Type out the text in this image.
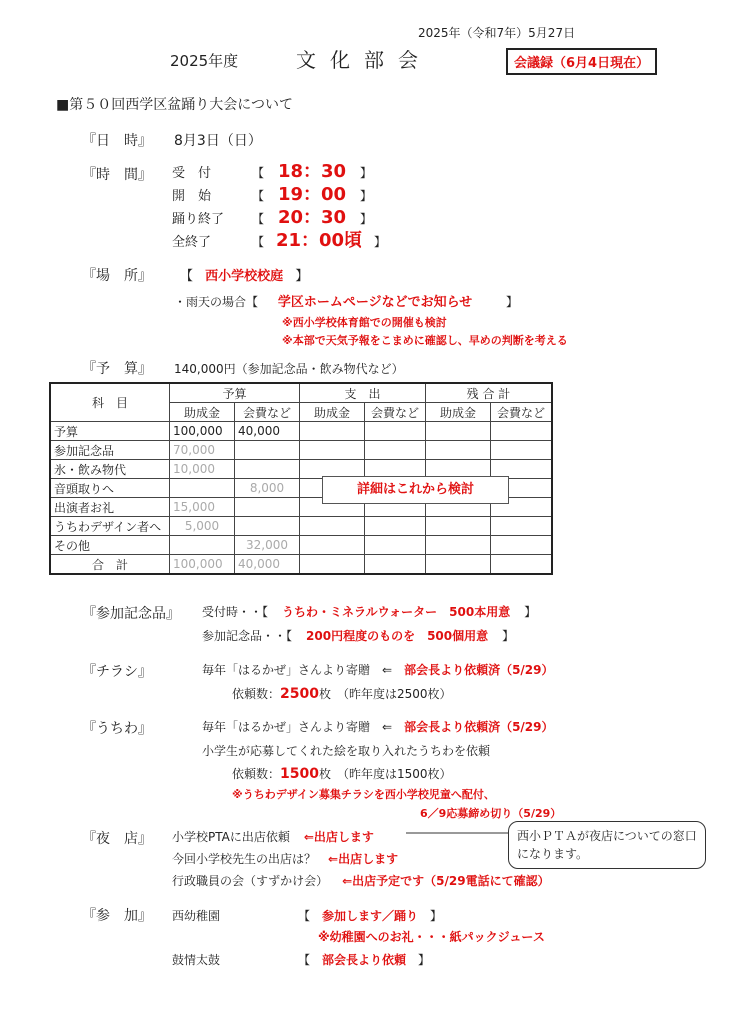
2025年（令和7年）5月27日
2025年度	文化部会	会議録（6月4日現在）
■第５０回西学区盆踊り大会について
『日　時』 8月3日（日）
『時　間』 受　付	【 18：30 】
開　始	【 19：00 】
踊り終了 【 20：30 】
全終了	【 21：00頃 】
『場　所』 【 西小学校校庭 】
・雨天の場合【 学区ホームページなどでお知らせ	】
※西小学校体育館での開催も検討
※本部で天気予報をこまめに確認し、早めの判断を考える
『予　算』 140,000円（参加記念品・飲み物代など）
科　目	予算		支　出		残 合 計	
	助成金	会費など	助成金	会費など	助成金	会費など
予算	100,000	40,000				
参加記念品	70,000					
氷・飲み物代	10,000					
音頭取りへ		8,000				
出演者お礼	15,000					
うちわデザイン者へ	5,000					
その他		32,000				
合　計	100,000	40,000				
詳細はこれから検討
『参加記念品』 受付時・・【 うちわ・ミネラルウォーター　500本用意 】
参加記念品・・【 200円程度のものを　500個用意 】
『チラシ』	毎年「はるかぜ」さんより寄贈　⇐ 部会長より依頼済（5/29）
依頼数：2500枚　（昨年度は2500枚）
『うちわ』	毎年「はるかぜ」さんより寄贈　⇐ 部会長より依頼済（5/29）
小学生が応募してくれた絵を取り入れたうちわを依頼
依頼数：1500枚　（昨年度は1500枚）
※うちわデザイン募集チラシを西小学校児童へ配付、
6／9応募締め切り（5/29）
『夜　店』 小学校PTAに出店依頼 ⇐出店します
今回小学校先生の出店は？ ⇐出店します
行政職員の会（すずかけ会） ⇐出店予定です（5/29電話にて確認）
西小ＰＴＡが夜店についての窓口になります。
『参　加』 西幼稚園	【 参加します／踊り 】
※幼稚園へのお礼・・・紙パックジュース
鼓情太鼓	【 部会長より依頼 】
